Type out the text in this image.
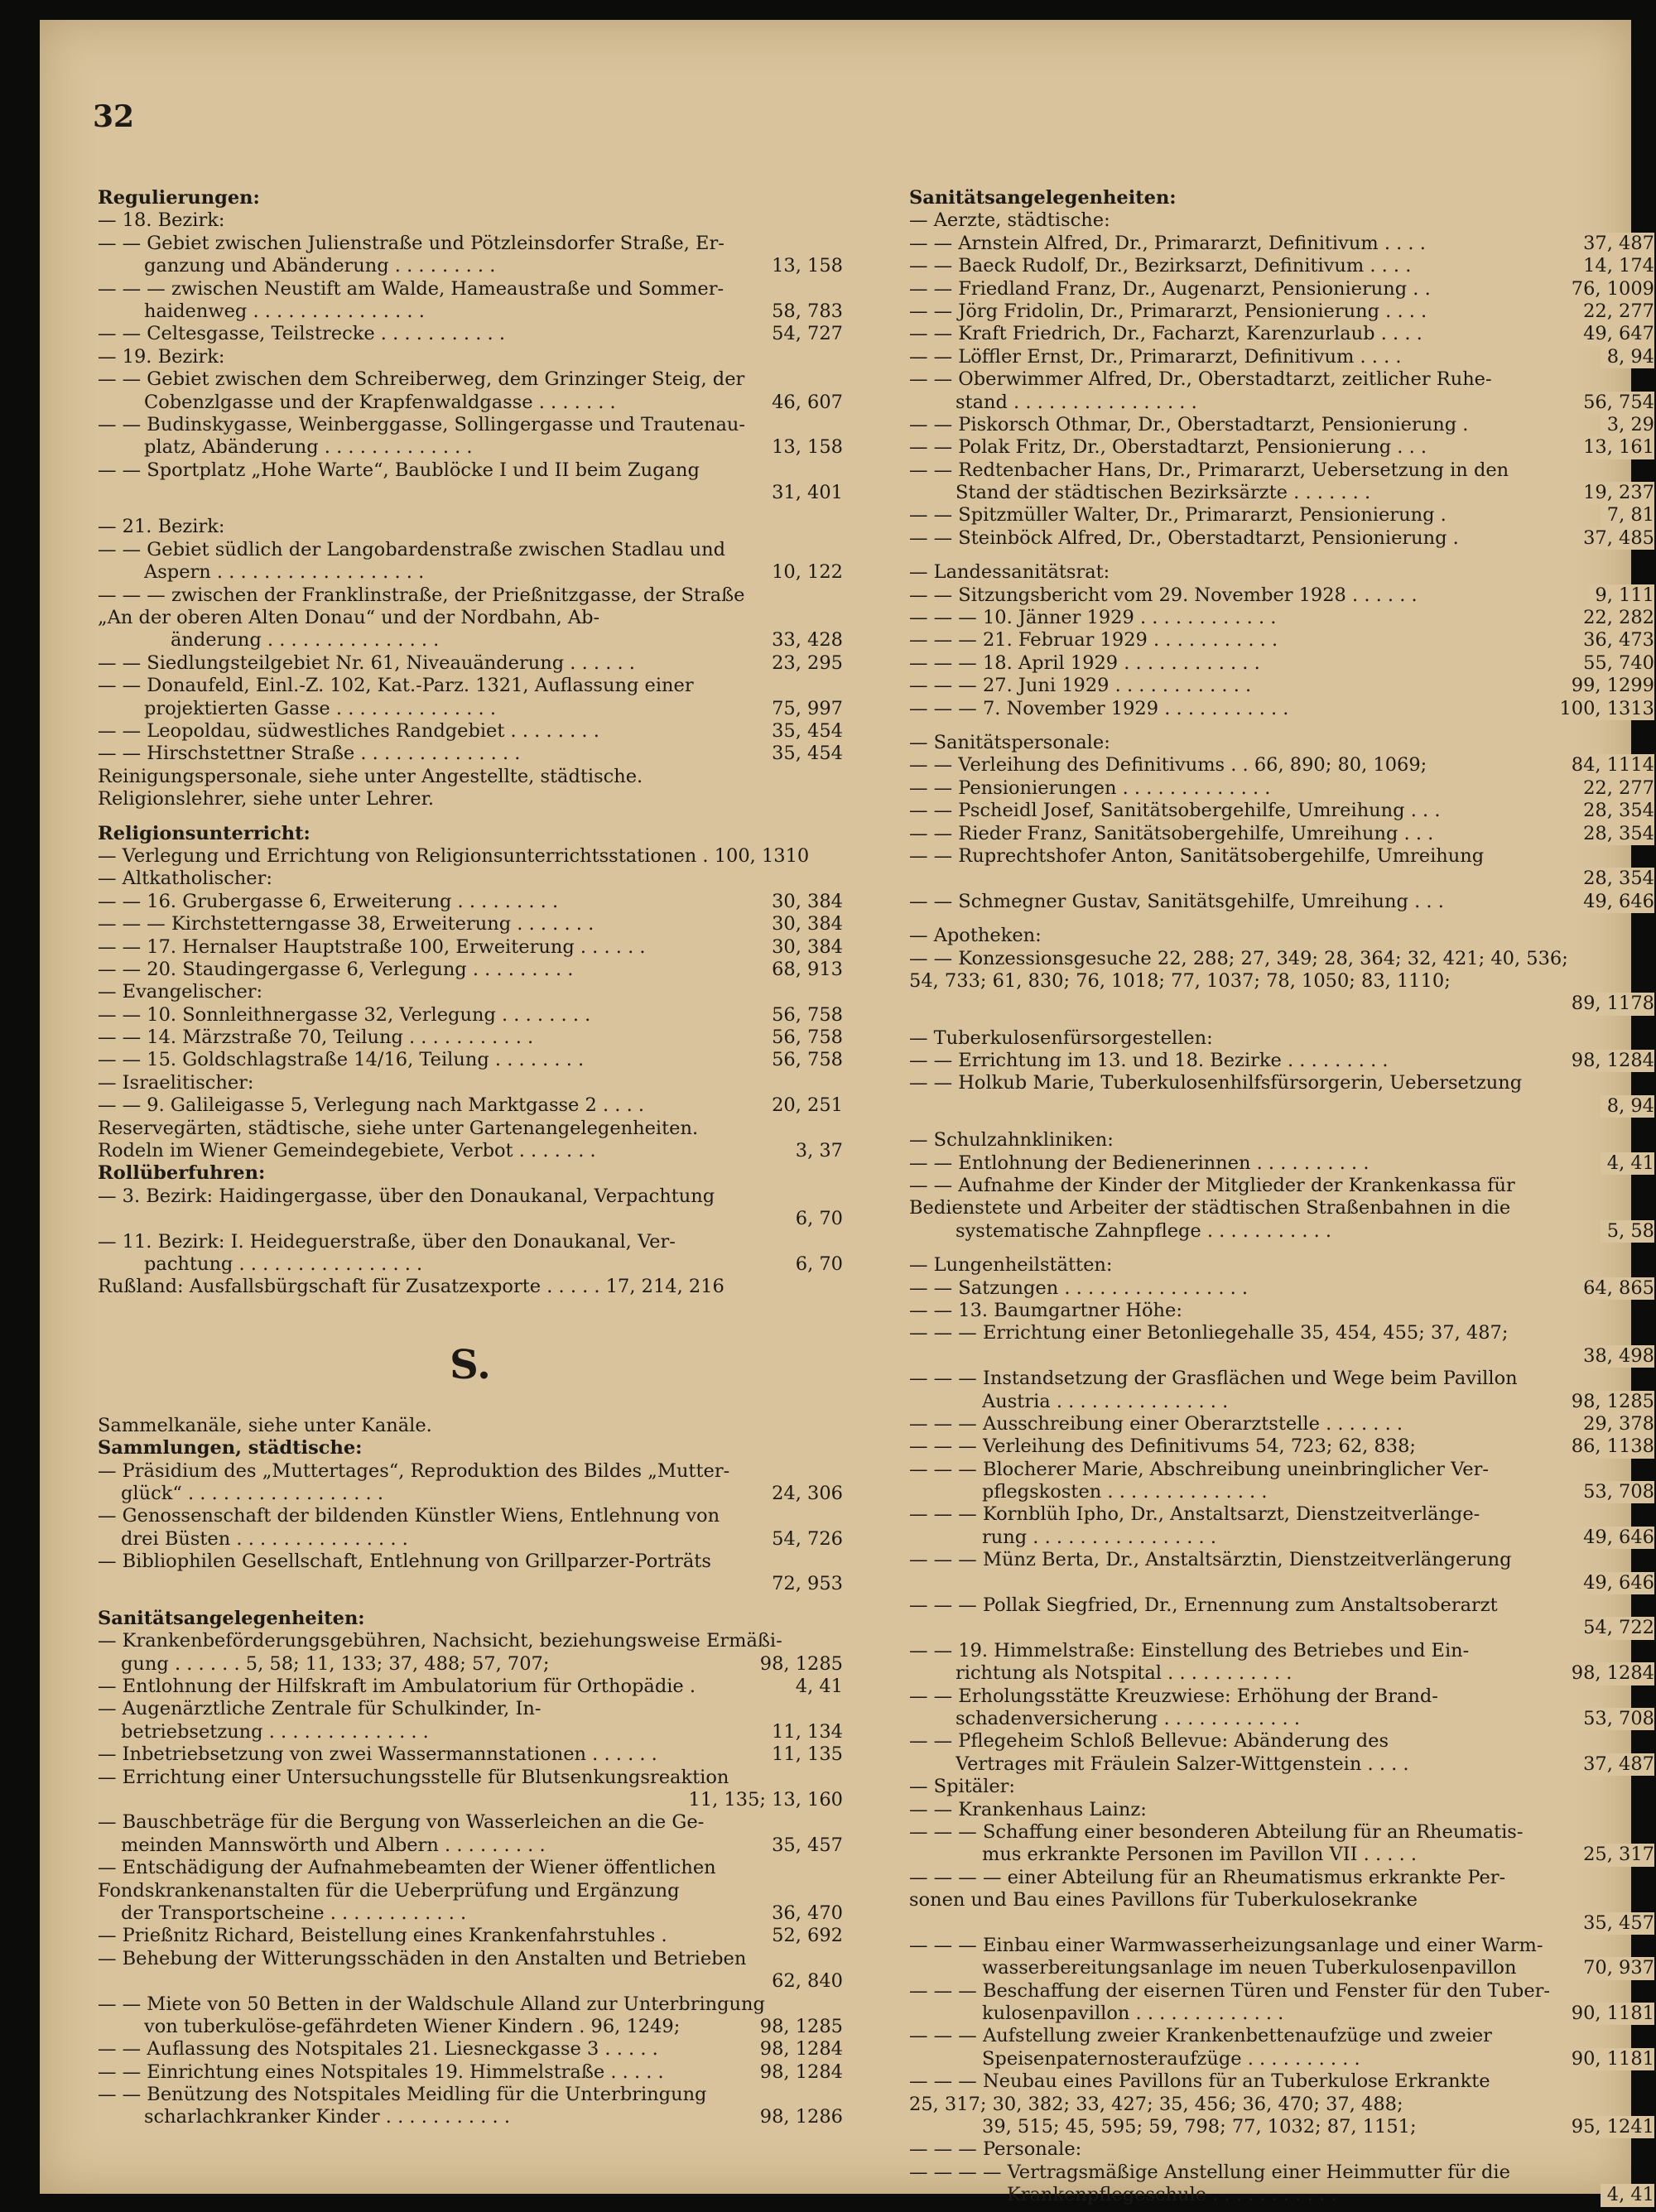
32

Regulierungen:
— 18. Bezirk:
— — Gebiet zwischen Julienstraße und Pötzleinsdorfer Straße, Er-
ganzung und Abänderung . . . . . . . . .	13, 158
— — — zwischen Neustift am Walde, Hameaustraße und Sommer-
haidenweg . . . . . . . . . . . . . . .	58, 783
— — Celtesgasse, Teilstrecke . . . . . . . . . . .	54, 727
— 19. Bezirk:
— — Gebiet zwischen dem Schreiberweg, dem Grinzinger Steig, der
Cobenzlgasse und der Krapfenwaldgasse . . . . . . .	46, 607
— — Budinskygasse, Weinberggasse, Sollingergasse und Trautenau-
platz, Abänderung . . . . . . . . . . . . .	13, 158
— — Sportplatz „Hohe Warte“, Baublöcke I und II beim Zugang
31, 401
— 21. Bezirk:
— — Gebiet südlich der Langobardenstraße zwischen Stadlau und
Aspern . . . . . . . . . . . . . . . . . .	10, 122
— — — zwischen der Franklinstraße, der Prießnitzgasse, der Straße
„An der oberen Alten Donau“ und der Nordbahn, Ab-
änderung . . . . . . . . . . . . . . .	33, 428
— — Siedlungsteilgebiet Nr. 61, Niveauänderung . . . . . .	23, 295
— — Donaufeld, Einl.-Z. 102, Kat.-Parz. 1321, Auflassung einer
projektierten Gasse . . . . . . . . . . . . . .	75, 997
— — Leopoldau, südwestliches Randgebiet . . . . . . . .	35, 454
— — Hirschstettner Straße . . . . . . . . . . . . . .	35, 454
Reinigungspersonale, siehe unter Angestellte, städtische.
Religionslehrer, siehe unter Lehrer.
Religionsunterricht:
— Verlegung und Errichtung von Religionsunterrichtsstationen . 100, 1310
— Altkatholischer:
— — 16. Grubergasse 6, Erweiterung . . . . . . . . .	30, 384
— — — Kirchstetterngasse 38, Erweiterung . . . . . . .	30, 384
— — 17. Hernalser Hauptstraße 100, Erweiterung . . . . . .	30, 384
— — 20. Staudingergasse 6, Verlegung . . . . . . . . .	68, 913
— Evangelischer:
— — 10. Sonnleithnergasse 32, Verlegung . . . . . . . .	56, 758
— — 14. Märzstraße 70, Teilung . . . . . . . . . . .	56, 758
— — 15. Goldschlagstraße 14/16, Teilung . . . . . . . .	56, 758
— Israelitischer:
— — 9. Galileigasse 5, Verlegung nach Marktgasse 2 . . . .	20, 251
Reservegärten, städtische, siehe unter Gartenangelegenheiten.
Rodeln im Wiener Gemeindegebiete, Verbot . . . . . . .	3, 37
Rollüberfuhren:
— 3. Bezirk: Haidingergasse, über den Donaukanal, Verpachtung
6, 70
— 11. Bezirk: I. Heideguerstraße, über den Donaukanal, Ver-
pachtung . . . . . . . . . . . . . . . .	6, 70
Rußland: Ausfallsbürgschaft für Zusatzexporte . . . . . 17, 214, 216
S.
Sammelkanäle, siehe unter Kanäle.
Sammlungen, städtische:
— Präsidium des „Muttertages“, Reproduktion des Bildes „Mutter-
glück“ . . . . . . . . . . . . . . . . .	24, 306
— Genossenschaft der bildenden Künstler Wiens, Entlehnung von
drei Büsten . . . . . . . . . . . . . . .	54, 726
— Bibliophilen Gesellschaft, Entlehnung von Grillparzer-Porträts
72, 953
Sanitätsangelegenheiten:
— Krankenbeförderungsgebühren, Nachsicht, beziehungsweise Ermäßi-
gung . . . . . . 5, 58; 11, 133; 37, 488; 57, 707;	98, 1285
— Entlohnung der Hilfskraft im Ambulatorium für Orthopädie .	4, 41
— Augenärztliche Zentrale für Schulkinder, In-
betriebsetzung . . . . . . . . . . . . . .	11, 134
— Inbetriebsetzung von zwei Wassermannstationen . . . . . .	11, 135
— Errichtung einer Untersuchungsstelle für Blutsenkungsreaktion
11, 135; 13, 160
— Bauschbeträge für die Bergung von Wasserleichen an die Ge-
meinden Mannswörth und Albern . . . . . . . . .	35, 457
— Entschädigung der Aufnahmebeamten der Wiener öffentlichen
Fondskrankenanstalten für die Ueberprüfung und Ergänzung
der Transportscheine . . . . . . . . . . . .	36, 470
— Prießnitz Richard, Beistellung eines Krankenfahrstuhles .	52, 692
— Behebung der Witterungsschäden in den Anstalten und Betrieben
62, 840
— — Miete von 50 Betten in der Waldschule Alland zur Unterbringung
von tuberkulöse-gefährdeten Wiener Kindern . 96, 1249;	98, 1285
— — Auflassung des Notspitales 21. Liesneckgasse 3 . . . . .	98, 1284
— — Einrichtung eines Notspitales 19. Himmelstraße . . . . .	98, 1284
— — Benützung des Notspitales Meidling für die Unterbringung
scharlachkranker Kinder . . . . . . . . . . .	98, 1286
Sanitätsangelegenheiten:
— Aerzte, städtische:
— — Arnstein Alfred, Dr., Primararzt, Definitivum . . . .	37, 487
— — Baeck Rudolf, Dr., Bezirksarzt, Definitivum . . . .	14, 174
— — Friedland Franz, Dr., Augenarzt, Pensionierung . .	76, 1009
— — Jörg Fridolin, Dr., Primararzt, Pensionierung . . . .	22, 277
— — Kraft Friedrich, Dr., Facharzt, Karenzurlaub . . . .	49, 647
— — Löffler Ernst, Dr., Primararzt, Definitivum . . . .	8, 94
— — Oberwimmer Alfred, Dr., Oberstadtarzt, zeitlicher Ruhe-
stand . . . . . . . . . . . . . . . .	56, 754
— — Piskorsch Othmar, Dr., Oberstadtarzt, Pensionierung .	3, 29
— — Polak Fritz, Dr., Oberstadtarzt, Pensionierung . . .	13, 161
— — Redtenbacher Hans, Dr., Primararzt, Uebersetzung in den
Stand der städtischen Bezirksärzte . . . . . . .	19, 237
— — Spitzmüller Walter, Dr., Primararzt, Pensionierung .	7, 81
— — Steinböck Alfred, Dr., Oberstadtarzt, Pensionierung .	37, 485
— Landessanitätsrat:
— — Sitzungsbericht vom 29. November 1928 . . . . . .	9, 111
— — — 10. Jänner 1929 . . . . . . . . . . . .	22, 282
— — — 21. Februar 1929 . . . . . . . . . . .	36, 473
— — — 18. April 1929 . . . . . . . . . . . .	55, 740
— — — 27. Juni 1929 . . . . . . . . . . . .	99, 1299
— — — 7. November 1929 . . . . . . . . . . .	100, 1313
— Sanitätspersonale:
— — Verleihung des Definitivums . . 66, 890; 80, 1069;	84, 1114
— — Pensionierungen . . . . . . . . . . . . .	22, 277
— — Pscheidl Josef, Sanitätsobergehilfe, Umreihung . . .	28, 354
— — Rieder Franz, Sanitätsobergehilfe, Umreihung . . .	28, 354
— — Ruprechtshofer Anton, Sanitätsobergehilfe, Umreihung
28, 354
— — Schmegner Gustav, Sanitätsgehilfe, Umreihung . . .	49, 646
— Apotheken:
— — Konzessionsgesuche 22, 288; 27, 349; 28, 364; 32, 421; 40, 536;
54, 733; 61, 830; 76, 1018; 77, 1037; 78, 1050; 83, 1110;
89, 1178
— Tuberkulosenfürsorgestellen:
— — Errichtung im 13. und 18. Bezirke . . . . . . . . .	98, 1284
— — Holkub Marie, Tuberkulosenhilfsfürsorgerin, Uebersetzung
8, 94
— Schulzahnkliniken:
— — Entlohnung der Bedienerinnen . . . . . . . . . .	4, 41
— — Aufnahme der Kinder der Mitglieder der Krankenkassa für
Bedienstete und Arbeiter der städtischen Straßenbahnen in die
systematische Zahnpflege . . . . . . . . . . .	5, 58
— Lungenheilstätten:
— — Satzungen . . . . . . . . . . . . . . . .	64, 865
— — 13. Baumgartner Höhe:
— — — Errichtung einer Betonliegehalle 35, 454, 455; 37, 487;
38, 498
— — — Instandsetzung der Grasflächen und Wege beim Pavillon
Austria . . . . . . . . . . . . . . .	98, 1285
— — — Ausschreibung einer Oberarztstelle . . . . . . .	29, 378
— — — Verleihung des Definitivums 54, 723; 62, 838;	86, 1138
— — — Blocherer Marie, Abschreibung uneinbringlicher Ver-
pflegskosten . . . . . . . . . . . . . .	53, 708
— — — Kornblüh Ipho, Dr., Anstaltsarzt, Dienstzeitverlänge-
rung . . . . . . . . . . . . . . . .	49, 646
— — — Münz Berta, Dr., Anstaltsärztin, Dienstzeitverlängerung
49, 646
— — — Pollak Siegfried, Dr., Ernennung zum Anstaltsoberarzt
54, 722
— — 19. Himmelstraße: Einstellung des Betriebes und Ein-
richtung als Notspital . . . . . . . . . . .	98, 1284
— — Erholungsstätte Kreuzwiese: Erhöhung der Brand-
schadenversicherung . . . . . . . . . . . .	53, 708
— — Pflegeheim Schloß Bellevue: Abänderung des
Vertrages mit Fräulein Salzer-Wittgenstein . . . .	37, 487
— Spitäler:
— — Krankenhaus Lainz:
— — — Schaffung einer besonderen Abteilung für an Rheumatis-
mus erkrankte Personen im Pavillon VII . . . . .	25, 317
— — — — einer Abteilung für an Rheumatismus erkrankte Per-
sonen und Bau eines Pavillons für Tuberkulosekranke
35, 457
— — — Einbau einer Warmwasserheizungsanlage und einer Warm-
wasserbereitungsanlage im neuen Tuberkulosenpavillon	70, 937
— — — Beschaffung der eisernen Türen und Fenster für den Tuber-
kulosenpavillon . . . . . . . . . . . . .	90, 1181
— — — Aufstellung zweier Krankenbettenaufzüge und zweier
Speisenpaternosteraufzüge . . . . . . . . . .	90, 1181
— — — Neubau eines Pavillons für an Tuberkulose Erkrankte
25, 317; 30, 382; 33, 427; 35, 456; 36, 470; 37, 488;
39, 515; 45, 595; 59, 798; 77, 1032; 87, 1151;	95, 1241
— — — Personale:
— — — — Vertragsmäßige Anstellung einer Heimmutter für die
Krankenpflegeschule . . . . . . . . . . .	4, 41
